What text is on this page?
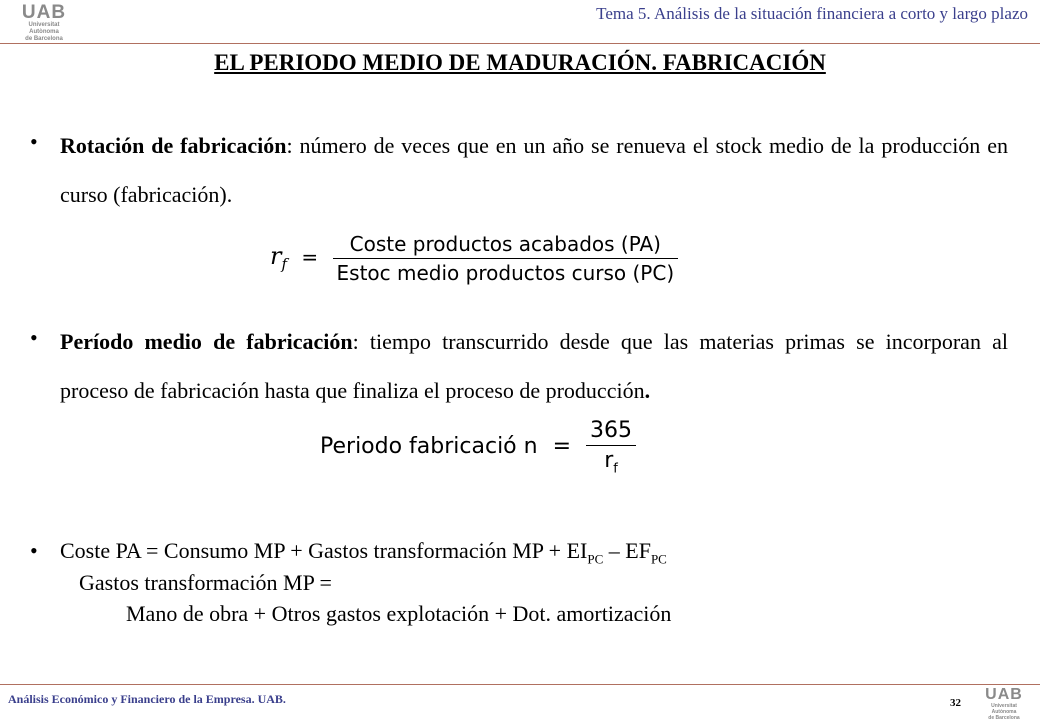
UAB
Universitat Autònoma
de Barcelona
Tema 5. Análisis de la situación financiera a corto y largo plazo
EL PERIODO MEDIO DE MADURACIÓN. FABRICACIÓN
• Rotación de fabricación: número de veces que en un año se renueva el stock medio de la producción en curso (fabricación).
$r_f = \frac{\text{Coste productos acabados (PA)}}{\text{Estoc medio productos curso (PC)}}$
• Período medio de fabricación: tiempo transcurrido desde que las materias primas se incorporan al proceso de fabricación hasta que finaliza el proceso de producción.
Periodo fabricació $n = \frac{365}{r_f}$
• Coste PA = Consumo MP + Gastos transformación MP + $EI_{PC} - EF_{PC}$
Gastos transformación MP =
Mano de obra + Otros gastos explotación + Dot. amortización
Análisis Económico y Financiero de la Empresa. UAB.	32	UAB
Universitat Autònoma
de Barcelona
